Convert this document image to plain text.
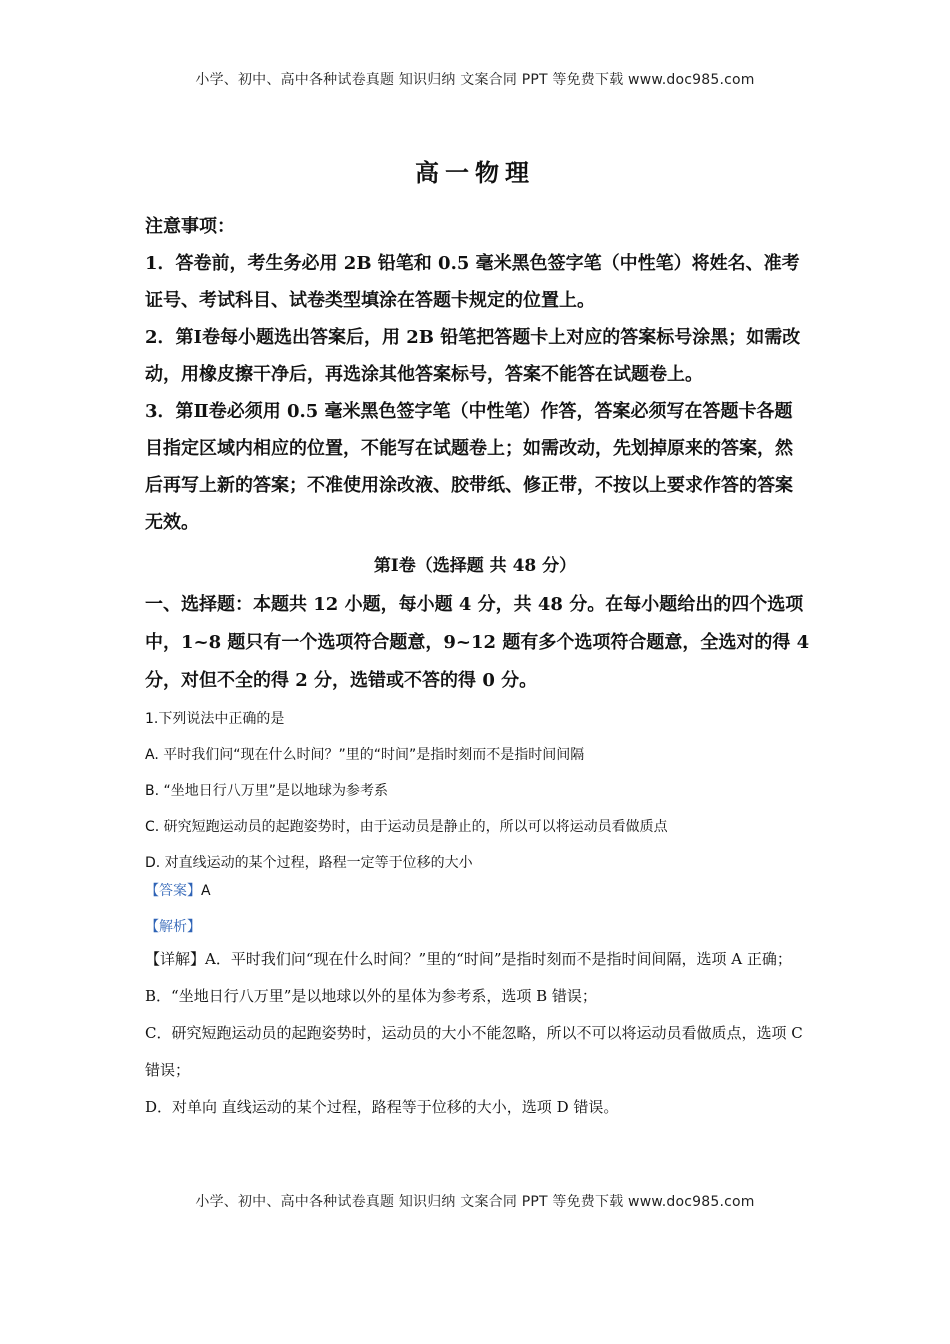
小学、初中、高中各种试卷真题 知识归纳 文案合同 PPT 等免费下载 www.doc985.com
高一物理

注意事项：

1．答卷前，考生务必用 2B 铅笔和 0.5 毫米黑色签字笔（中性笔）将姓名、准考证号、考试科目、试卷类型填涂在答题卡规定的位置上。

2．第Ⅰ卷每小题选出答案后，用 2B 铅笔把答题卡上对应的答案标号涂黑；如需改动，用橡皮擦干净后，再选涂其他答案标号，答案不能答在试题卷上。

3．第Ⅱ卷必须用 0.5 毫米黑色签字笔（中性笔）作答，答案必须写在答题卡各题目指定区域内相应的位置，不能写在试题卷上；如需改动，先划掉原来的答案，然后再写上新的答案；不准使用涂改液、胶带纸、修正带，不按以上要求作答的答案无效。

第Ⅰ卷（选择题 共 48 分）

一、选择题：本题共 12 小题，每小题 4 分，共 48 分。在每小题给出的四个选项中，1~8 题只有一个选项符合题意，9~12 题有多个选项符合题意，全选对的得 4 分，对但不全的得 2 分，选错或不答的得 0 分。

1.下列说法中正确的是

A. 平时我们问“现在什么时间？”里的“时间”是指时刻而不是指时间间隔

B. “坐地日行八万里”是以地球为参考系

C. 研究短跑运动员的起跑姿势时，由于运动员是静止的，所以可以将运动员看做质点

D. 对直线运动的某个过程，路程一定等于位移的大小

【答案】A

【解析】

【详解】A．平时我们问“现在什么时间？”里的“时间”是指时刻而不是指时间间隔，选项 A 正确；

B．“坐地日行八万里”是以地球以外的星体为参考系，选项 B 错误；

C．研究短跑运动员的起跑姿势时，运动员的大小不能忽略，所以不可以将运动员看做质点，选项 C 错误；

D．对单向 直线运动的某个过程，路程等于位移的大小，选项 D 错误。

小学、初中、高中各种试卷真题 知识归纳 文案合同 PPT 等免费下载 www.doc985.com
